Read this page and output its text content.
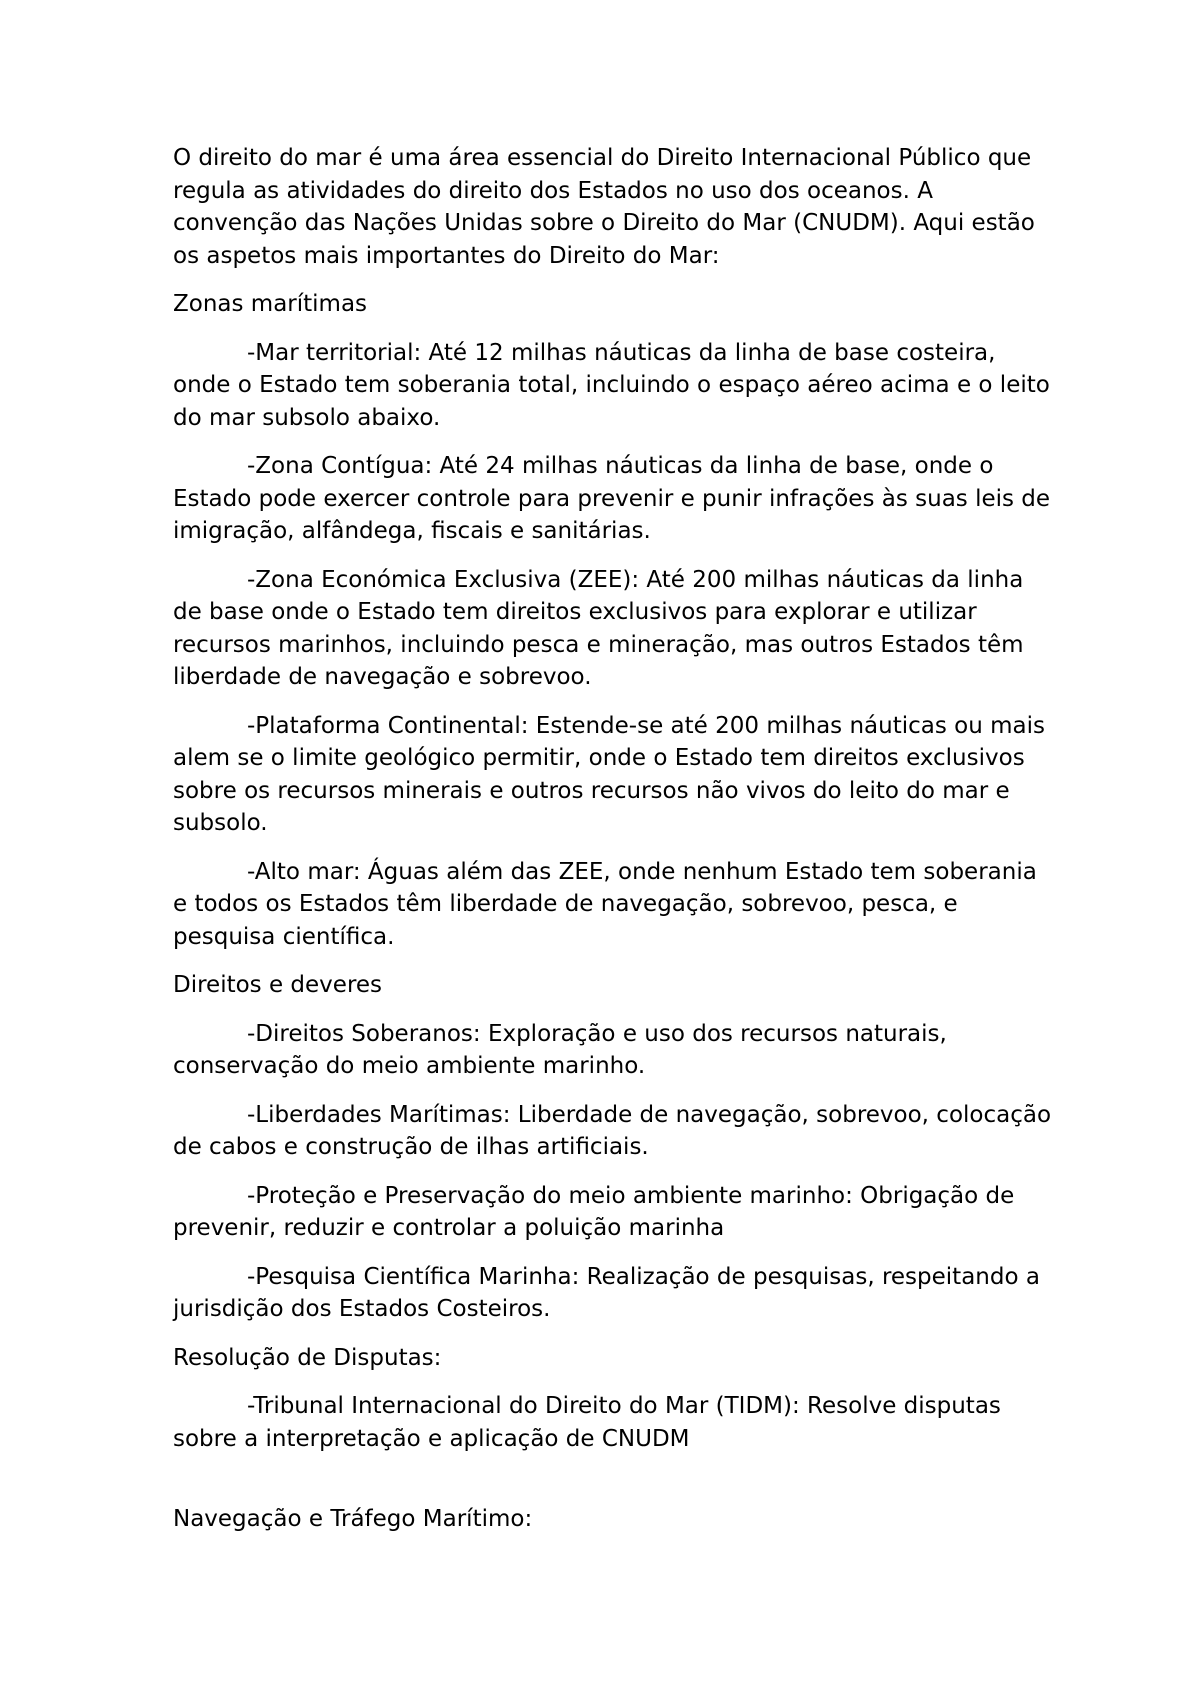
O direito do mar é uma área essencial do Direito Internacional Público que regula as atividades do direito dos Estados no uso dos oceanos. A convenção das Nações Unidas sobre o Direito do Mar (CNUDM). Aqui estão os aspetos mais importantes do Direito do Mar:

Zonas marítimas

-Mar territorial: Até 12 milhas náuticas da linha de base costeira, onde o Estado tem soberania total, incluindo o espaço aéreo acima e o leito do mar subsolo abaixo.

-Zona Contígua: Até 24 milhas náuticas da linha de base, onde o Estado pode exercer controle para prevenir e punir infrações às suas leis de imigração, alfândega, fiscais e sanitárias.

-Zona Económica Exclusiva (ZEE): Até 200 milhas náuticas da linha de base onde o Estado tem direitos exclusivos para explorar e utilizar recursos marinhos, incluindo pesca e mineração, mas outros Estados têm liberdade de navegação e sobrevoo.

-Plataforma Continental: Estende-se até 200 milhas náuticas ou mais alem se o limite geológico permitir, onde o Estado tem direitos exclusivos sobre os recursos minerais e outros recursos não vivos do leito do mar e subsolo.

-Alto mar: Águas além das ZEE, onde nenhum Estado tem soberania e todos os Estados têm liberdade de navegação, sobrevoo, pesca, e pesquisa científica.

Direitos e deveres

-Direitos Soberanos: Exploração e uso dos recursos naturais, conservação do meio ambiente marinho.

-Liberdades Marítimas: Liberdade de navegação, sobrevoo, colocação de cabos e construção de ilhas artificiais.

-Proteção e Preservação do meio ambiente marinho: Obrigação de prevenir, reduzir e controlar a poluição marinha

-Pesquisa Científica Marinha: Realização de pesquisas, respeitando a jurisdição dos Estados Costeiros.

Resolução de Disputas:

-Tribunal Internacional do Direito do Mar (TIDM): Resolve disputas sobre a interpretação e aplicação de CNUDM

Navegação e Tráfego Marítimo:
